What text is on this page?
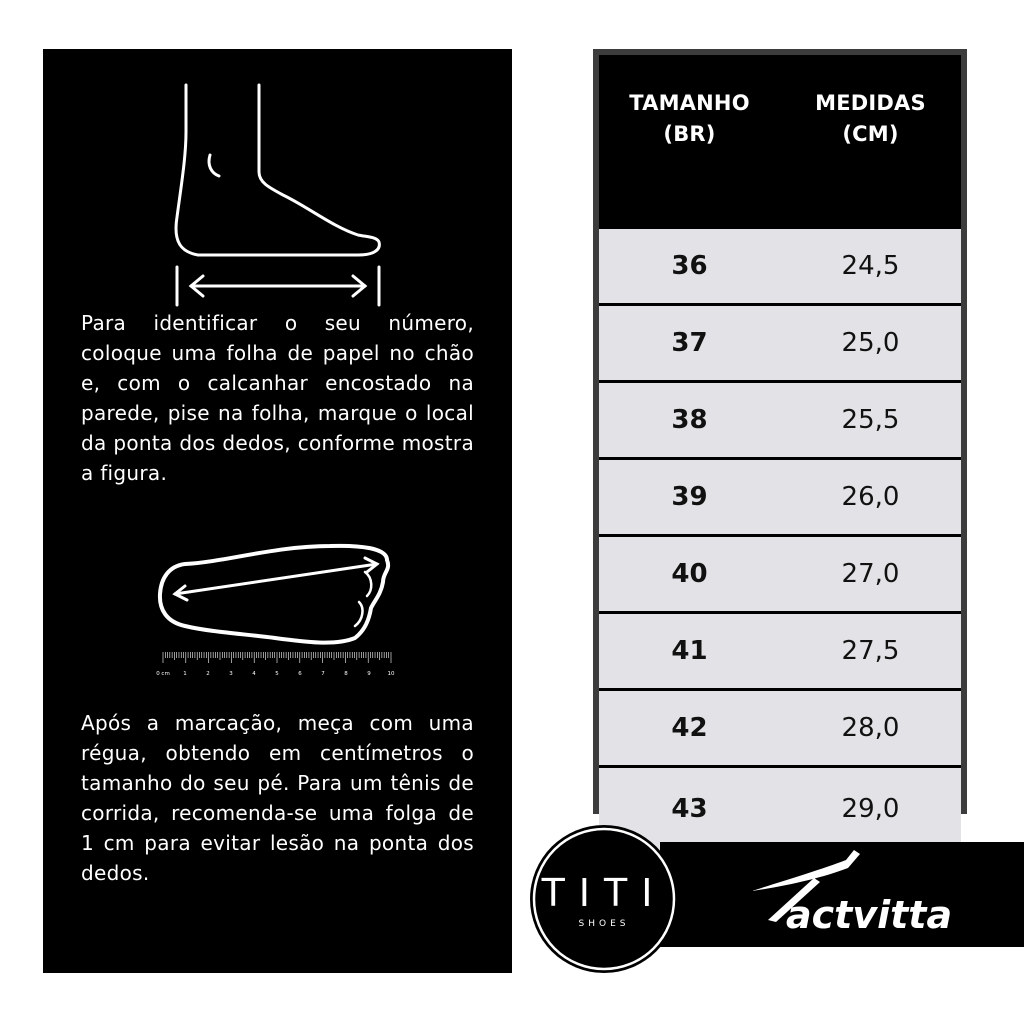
Para identificar o seu número, coloque uma folha de papel no chão e, com o calcanhar encostado na parede, pise na folha, marque o local da ponta dos dedos, conforme mostra a figura.

0 cm 1	2	3	4	5	6	7	8	9	10

Após a marcação, meça com uma régua, obtendo em centímetros o tamanho do seu pé. Para um tênis de corrida, recomenda-se uma folga de 1 cm para evitar lesão na ponta dos dedos.

TAMANHO
(BR)
MEDIDAS
(CM)
36	24,5
37	25,0
38	25,5
39	26,0
40	27,0
41	27,5
42	28,0
43	29,0
TITI
SHOES	actvitta
